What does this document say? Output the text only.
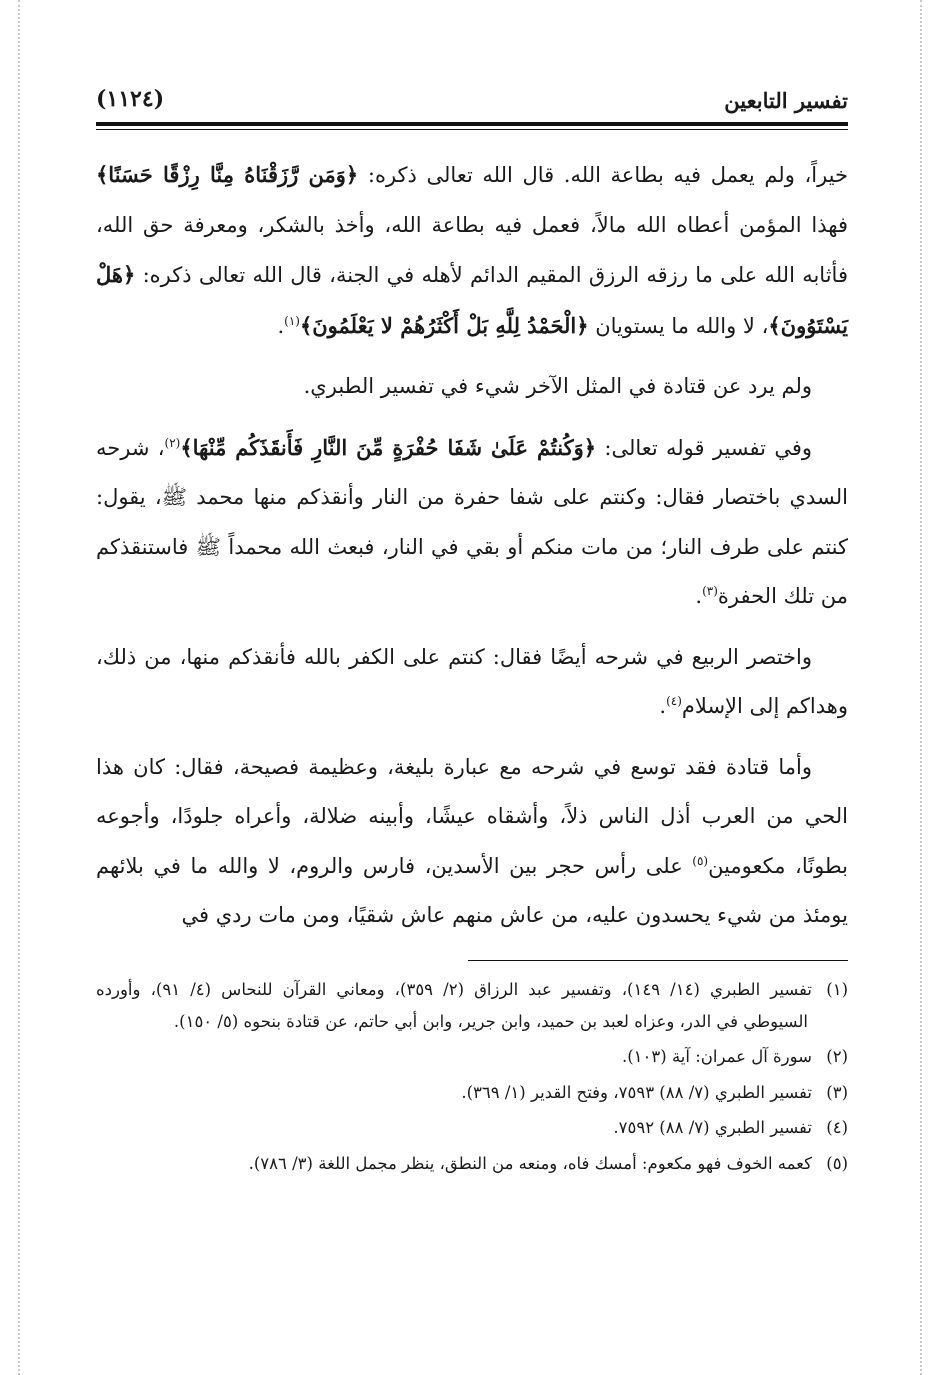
تفسير التابعين
(١١٢٤)

خيراً، ولم يعمل فيه بطاعة الله. قال الله تعالى ذكره: ﴿وَمَن رَّزَقْنَاهُ مِنَّا رِزْقًا حَسَنًا﴾ فهذا المؤمن أعطاه الله مالاً، فعمل فيه بطاعة الله، وأخذ بالشكر، ومعرفة حق الله، فأثابه الله على ما رزقه الرزق المقيم الدائم لأهله في الجنة، قال الله تعالى ذكره: ﴿هَلْ يَسْتَوُونَ﴾، لا والله ما يستويان ﴿الْحَمْدُ لِلَّهِ بَلْ أَكْثَرُهُمْ لا يَعْلَمُونَ﴾$^{(١)}$.

ولم يرد عن قتادة في المثل الآخر شيء في تفسير الطبري.

وفي تفسير قوله تعالى: ﴿وَكُنتُمْ عَلَىٰ شَفَا حُفْرَةٍ مِّنَ النَّارِ فَأَنقَذَكُم مِّنْهَا﴾$^{(٢)}$، شرحه السدي باختصار فقال: وكنتم على شفا حفرة من النار وأنقذكم منها محمد ﷺ، يقول: كنتم على طرف النار؛ من مات منكم أو بقي في النار، فبعث الله محمداً ﷺ فاستنقذكم من تلك الحفرة$^{(٣)}$.

واختصر الربيع في شرحه أيضًا فقال: كنتم على الكفر بالله فأنقذكم منها، من ذلك، وهداكم إلى الإسلام$^{(٤)}$.

وأما قتادة فقد توسع في شرحه مع عبارة بليغة، وعظيمة فصيحة، فقال: كان هذا الحي من العرب أذل الناس ذلاً، وأشقاه عيشًا، وأبينه ضلالة، وأعراه جلودًا، وأجوعه بطونًا، مكعومين$^{(٥)}$ على رأس حجر بين الأسدين، فارس والروم، لا والله ما في بلائهم يومئذ من شيء يحسدون عليه، من عاش منهم عاش شقيًا، ومن مات ردي في

(١)تفسير الطبري (١٤/ ١٤٩)، وتفسير عبد الرزاق (٢/ ٣٥٩)، ومعاني القرآن للنحاس (٤/ ٩١)، وأورده السيوطي في الدر، وعزاه لعبد بن حميد، وابن جرير، وابن أبي حاتم، عن قتادة بنحوه (٥/ ١٥٠).

(٢)سورة آل عمران: آية (١٠٣).

(٣)تفسير الطبري (٧/ ٨٨) ٧٥٩٣، وفتح القدير (١/ ٣٦٩).

(٤)تفسير الطبري (٧/ ٨٨) ٧٥٩٢.

(٥)كعمه الخوف فهو مكعوم: أمسك فاه، ومنعه من النطق، ينظر مجمل اللغة (٣/ ٧٨٦).
